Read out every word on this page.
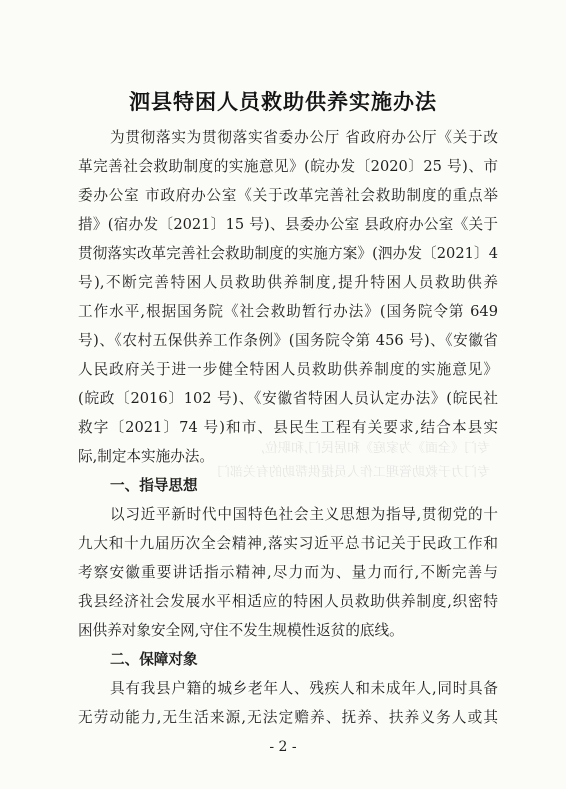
泗县特困人员救助供养实施办法
为贯彻落实为贯彻落实省委办公厅 省政府办公厅《关于改
革完善社会救助制度的实施意见》(皖办发〔2020〕25 号)、市
委办公室 市政府办公室《关于改革完善社会救助制度的重点举
措》(宿办发〔2021〕15 号)、县委办公室 县政府办公室《关于
贯彻落实改革完善社会救助制度的实施方案》(泗办发〔2021〕4
号),不断完善特困人员救助供养制度,提升特困人员救助供养
工作水平,根据国务院《社会救助暂行办法》(国务院令第 649
号)、《农村五保供养工作条例》(国务院令第 456 号)、《安徽省
人民政府关于进一步健全特困人员救助供养制度的实施意见》
(皖政〔2016〕102 号)、《安徽省特困人员认定办法》(皖民社
救字〔2021〕74 号)和市、县民生工程有关要求,结合本县实
际,制定本实施办法。	专门《全面》为家庭》和居民门,和职位,
专门力于救助管理工作人员提供帮助的有关部门
一、指导思想
以习近平新时代中国特色社会主义思想为指导,贯彻党的十
九大和十九届历次全会精神,落实习近平总书记关于民政工作和
考察安徽重要讲话指示精神,尽力而为、量力而行,不断完善与
我县经济社会发展水平相适应的特困人员救助供养制度,织密特
困供养对象安全网,守住不发生规模性返贫的底线。
二、保障对象
具有我县户籍的城乡老年人、残疾人和未成年人,同时具备
无劳动能力,无生活来源,无法定赡养、抚养、扶养义务人或其
- 2 -
